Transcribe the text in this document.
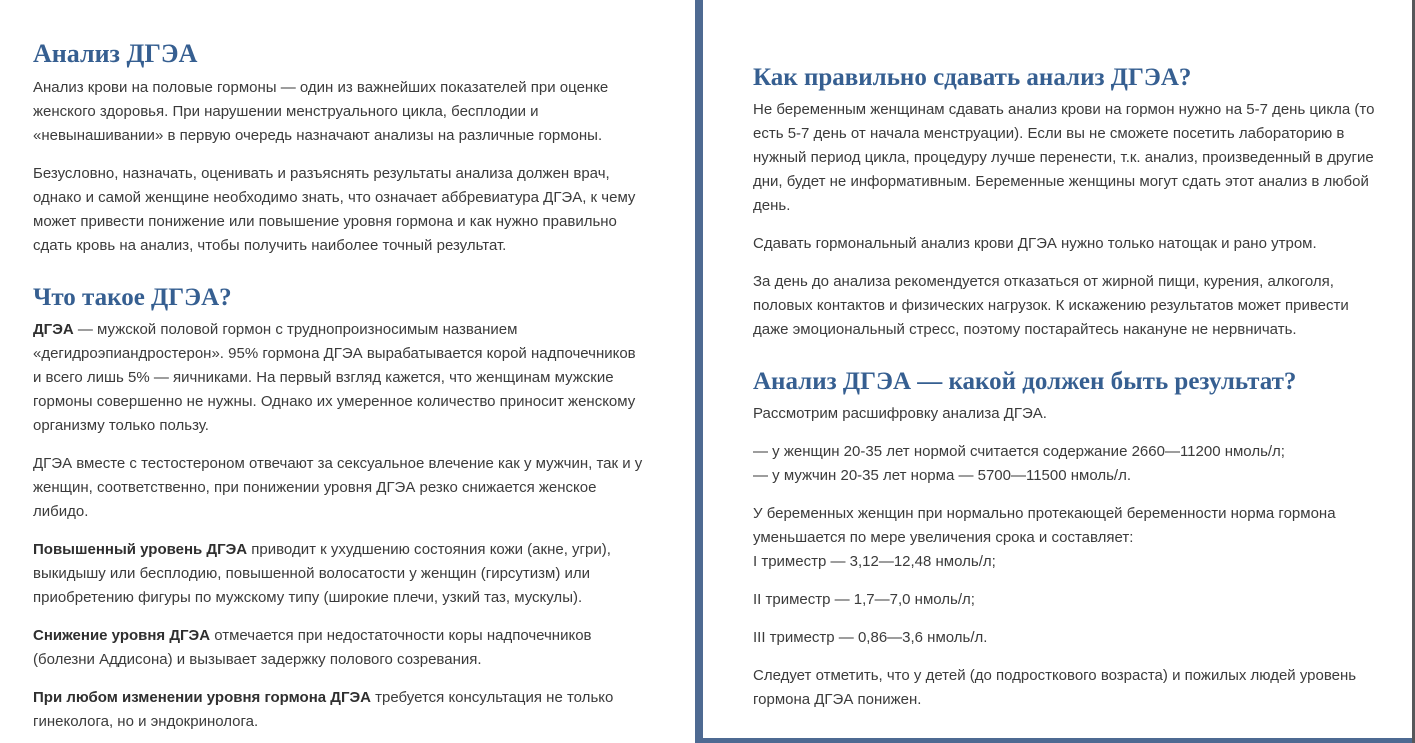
Анализ ДГЭА

Анализ крови на половые гормоны — один из важнейших показателей при оценке женского здоровья. При нарушении менструального цикла, бесплодии и «невынашивании» в первую очередь назначают анализы на различные гормоны.

Безусловно, назначать, оценивать и разъяснять результаты анализа должен врач, однако и самой женщине необходимо знать, что означает аббревиатура ДГЭА, к чему может привести понижение или повышение уровня гормона и как нужно правильно сдать кровь на анализ, чтобы получить наиболее точный результат.

Что такое ДГЭА?

ДГЭА — мужской половой гормон с труднопроизносимым названием «дегидроэпиандростерон». 95% гормона ДГЭА вырабатывается корой надпочечников и всего лишь 5% — яичниками. На первый взгляд кажется, что женщинам мужские гормоны совершенно не нужны. Однако их умеренное количество приносит женскому организму только пользу.

ДГЭА вместе с тестостероном отвечают за сексуальное влечение как у мужчин, так и у женщин, соответственно, при понижении уровня ДГЭА резко снижается женское либидо.

Повышенный уровень ДГЭА приводит к ухудшению состояния кожи (акне, угри), выкидышу или бесплодию, повышенной волосатости у женщин (гирсутизм) или приобретению фигуры по мужскому типу (широкие плечи, узкий таз, мускулы).

Снижение уровня ДГЭА отмечается при недостаточности коры надпочечников (болезни Аддисона) и вызывает задержку полового созревания.

При любом изменении уровня гормона ДГЭА требуется консультация не только гинеколога, но и эндокринолога.

Как правильно сдавать анализ ДГЭА?

Не беременным женщинам сдавать анализ крови на гормон нужно на 5-7 день цикла (то есть 5-7 день от начала менструации). Если вы не сможете посетить лабораторию в нужный период цикла, процедуру лучше перенести, т.к. анализ, произведенный в другие дни, будет не информативным. Беременные женщины могут сдать этот анализ в любой день.

Сдавать гормональный анализ крови ДГЭА нужно только натощак и рано утром.

За день до анализа рекомендуется отказаться от жирной пищи, курения, алкоголя, половых контактов и физических нагрузок. К искажению результатов может привести даже эмоциональный стресс, поэтому постарайтесь накануне не нервничать.

Анализ ДГЭА — какой должен быть результат?

Рассмотрим расшифровку анализа ДГЭА.

— у женщин 20-35 лет нормой считается содержание 2660—11200 нмоль/л;
— у мужчин 20-35 лет норма — 5700—11500 нмоль/л.

У беременных женщин при нормально протекающей беременности норма гормона уменьшается по мере увеличения срока и составляет:
I триместр — 3,12—12,48 нмоль/л;

II триместр — 1,7—7,0 нмоль/л;

III триместр — 0,86—3,6 нмоль/л.

Следует отметить, что у детей (до подросткового возраста) и пожилых людей уровень гормона ДГЭА понижен.
